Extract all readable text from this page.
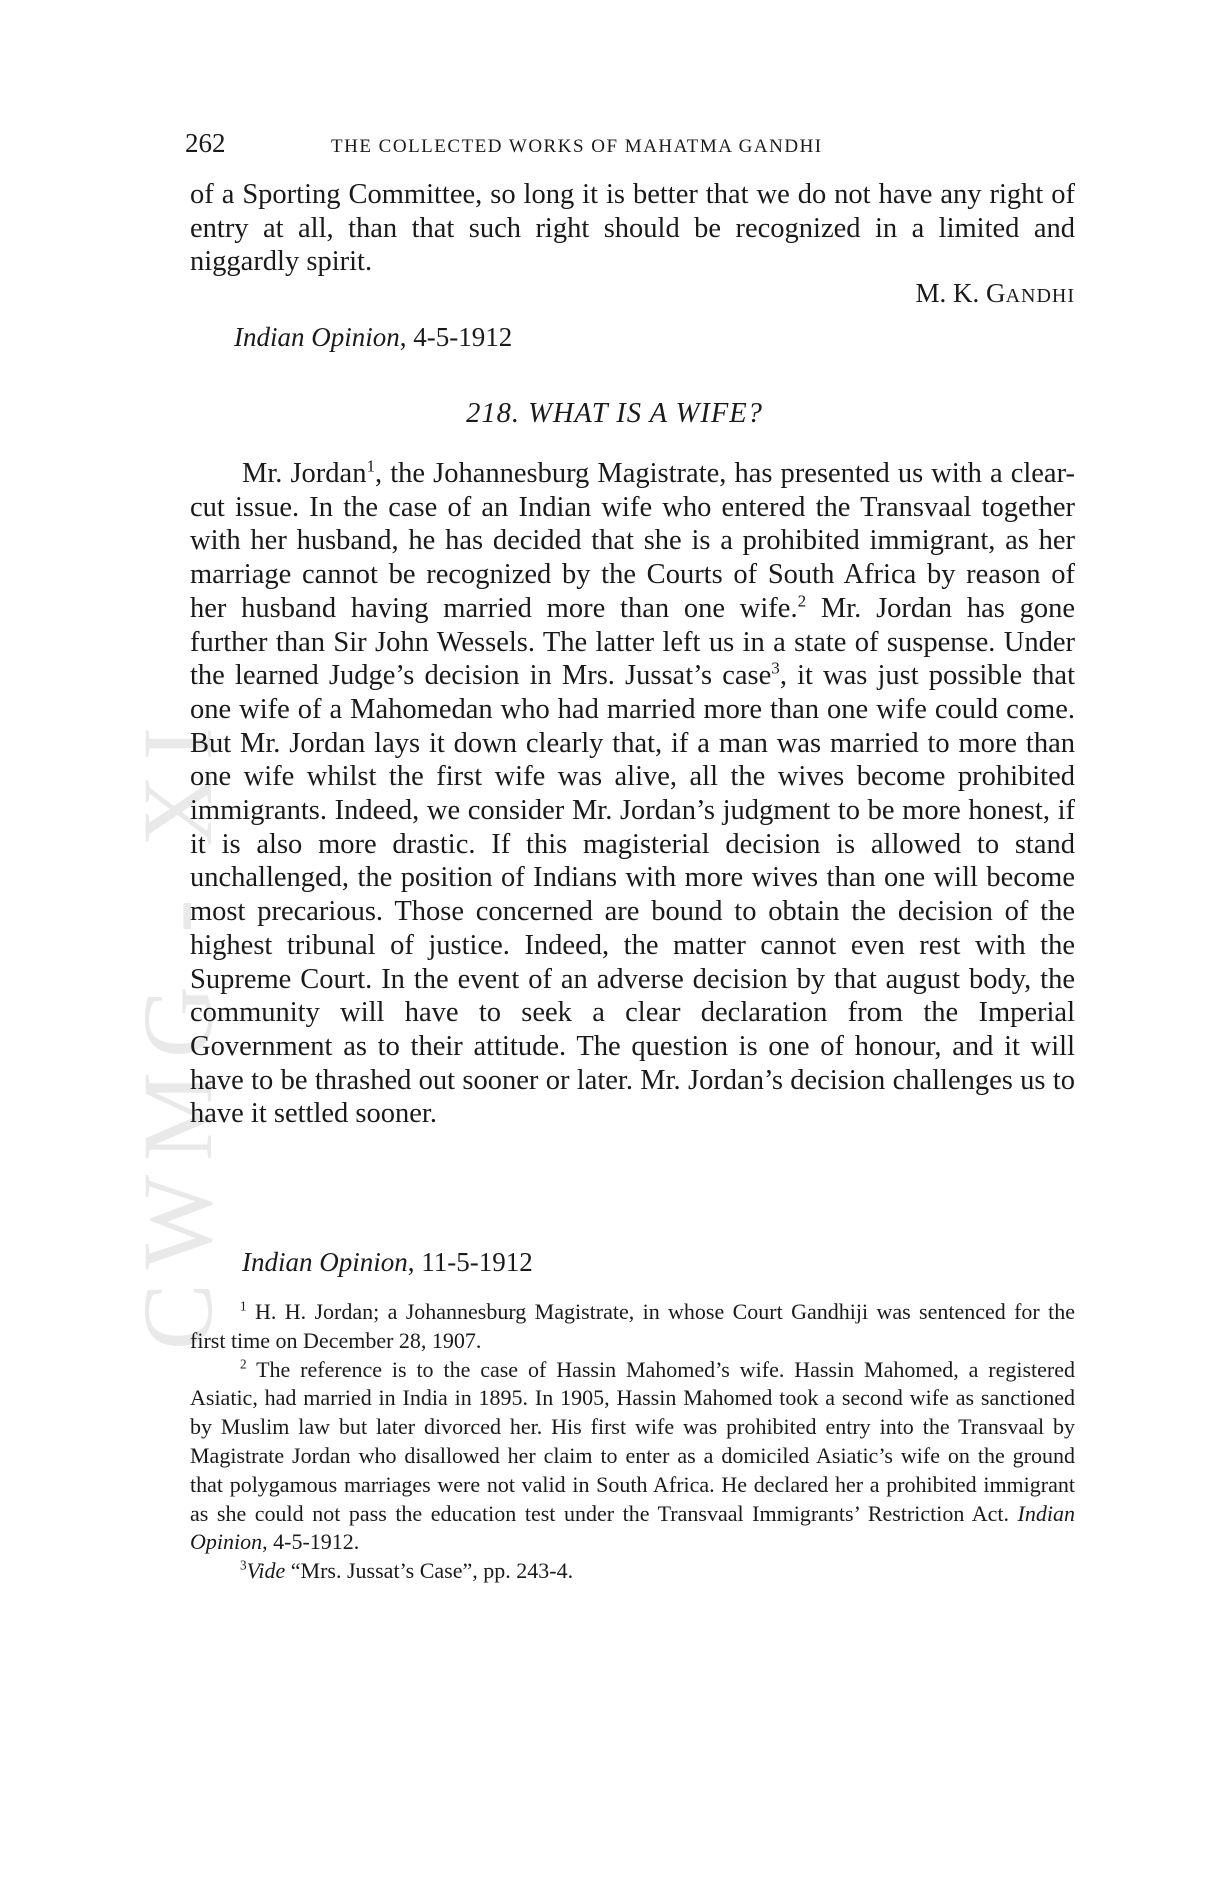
CWMG - XI
262	THE COLLECTED WORKS OF MAHATMA GANDHI

of a Sporting Committee, so long it is better that we do not have any right of entry at all, than that such right should be recognized in a limited and niggardly spirit.

M. K. GANDHI
Indian Opinion, 4-5-1912
218. WHAT IS A WIFE?

Mr. Jordan$^1$, the Johannesburg Magistrate, has presented us with a clear-cut issue. In the case of an Indian wife who entered the Transvaal together with her husband, he has decided that she is a prohibited immigrant, as her marriage cannot be recognized by the Courts of South Africa by reason of her husband having married more than one wife.$^2$ Mr. Jordan has gone further than Sir John Wessels. The latter left us in a state of suspense. Under the learned Judge’s decision in Mrs. Jussat’s case$^3$, it was just possible that one wife of a Mahomedan who had married more than one wife could come. But Mr. Jordan lays it down clearly that, if a man was married to more than one wife whilst the first wife was alive, all the wives become prohibited immigrants. Indeed, we consider Mr. Jordan’s judgment to be more honest, if it is also more drastic. If this magisterial decision is allowed to stand unchallenged, the position of Indians with more wives than one will become most precarious. Those concerned are bound to obtain the decision of the highest tribunal of justice. Indeed, the matter cannot even rest with the Supreme Court. In the event of an adverse decision by that august body, the community will have to seek a clear declaration from the Imperial Government as to their attitude. The question is one of honour, and it will have to be thrashed out sooner or later. Mr. Jordan’s decision challenges us to have it settled sooner.

Indian Opinion, 11-5-1912

$^1$ H. H. Jordan; a Johannesburg Magistrate, in whose Court Gandhiji was sentenced for the first time on December 28, 1907.

$^2$ The reference is to the case of Hassin Mahomed’s wife. Hassin Mahomed, a registered Asiatic, had married in India in 1895. In 1905, Hassin Mahomed took a second wife as sanctioned by Muslim law but later divorced her. His first wife was prohibited entry into the Transvaal by Magistrate Jordan who disallowed her claim to enter as a domiciled Asiatic’s wife on the ground that polygamous marriages were not valid in South Africa. He declared her a prohibited immigrant as she could not pass the education test under the Transvaal Immigrants’ Restriction Act. Indian Opinion, 4-5-1912.

$^3$Vide “Mrs. Jussat’s Case”, pp. 243-4.
